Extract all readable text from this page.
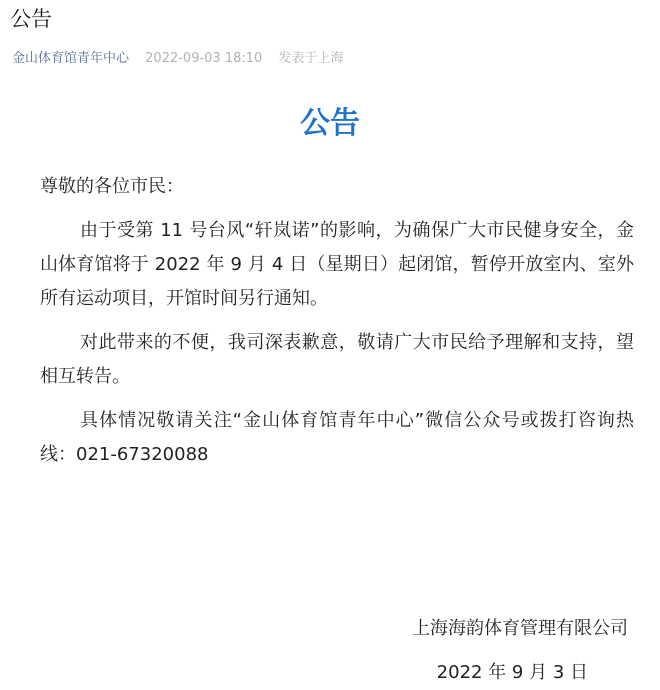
公告
金山体育馆青年中心 2022-09-03 18:10 发表于上海
公告

尊敬的各位市民：

由于受第 11 号台风“轩岚诺”的影响，为确保广大市民健身安全，金山体育馆将于 2022 年 9 月 4 日（星期日）起闭馆，暂停开放室内、室外所有运动项目，开馆时间另行通知。

对此带来的不便，我司深表歉意，敬请广大市民给予理解和支持，望相互转告。

具体情况敬请关注“金山体育馆青年中心”微信公众号或拨打咨询热线：021-67320088

上海海韵体育管理有限公司
2022 年 9 月 3 日
